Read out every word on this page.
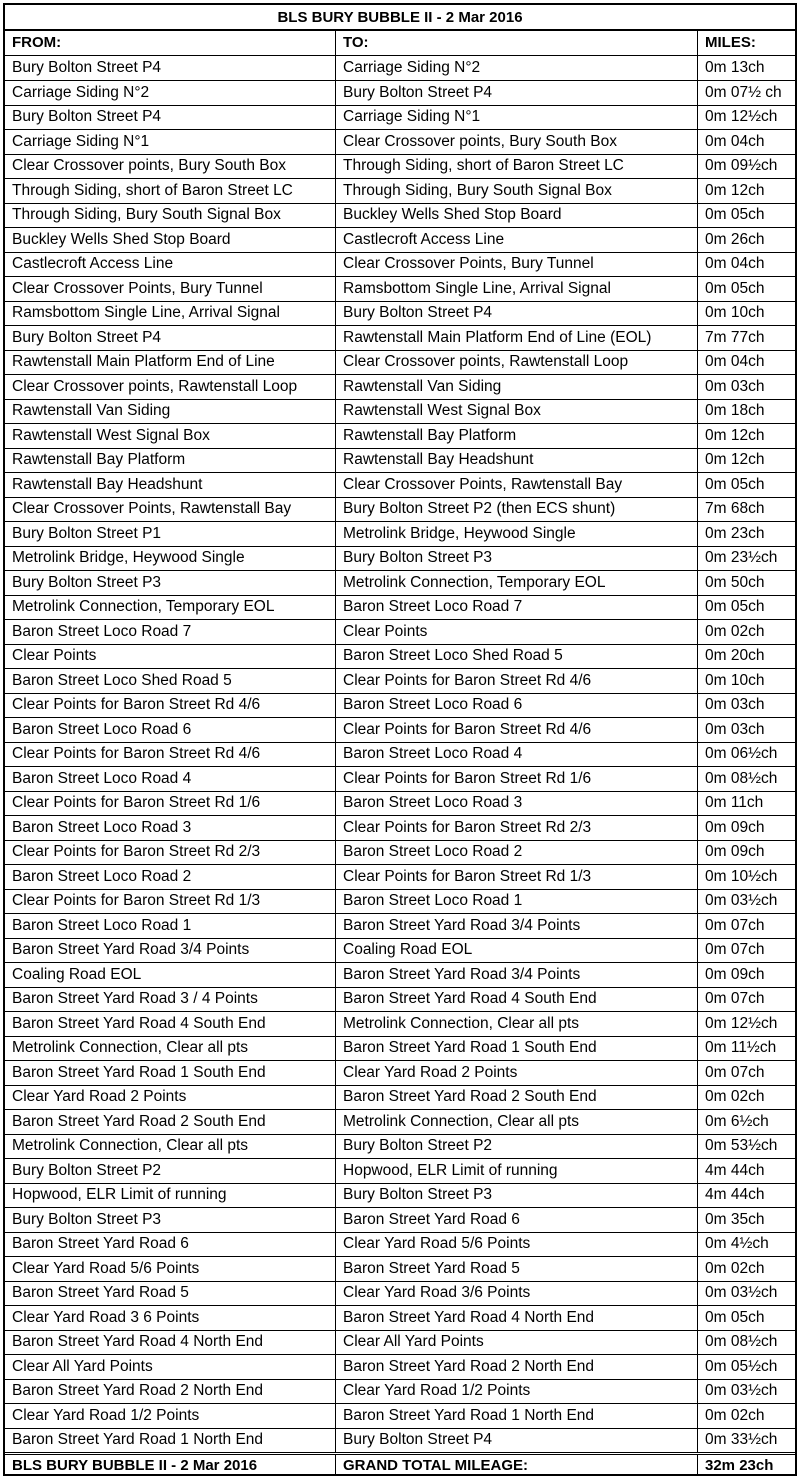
BLS BURY BUBBLE II - 2 Mar 2016
FROM:	TO:	MILES:
Bury Bolton Street P4	Carriage Siding N°2	0m 13ch
Carriage Siding N°2	Bury Bolton Street P4	0m 07½ ch
Bury Bolton Street P4	Carriage Siding N°1	0m 12½ch
Carriage Siding N°1	Clear Crossover points, Bury South Box	0m 04ch
Clear Crossover points, Bury South Box	Through Siding, short of Baron Street LC	0m 09½ch
Through Siding, short of Baron Street LC	Through Siding, Bury South Signal Box	0m 12ch
Through Siding, Bury South Signal Box	Buckley Wells Shed Stop Board	0m 05ch
Buckley Wells Shed Stop Board	Castlecroft Access Line	0m 26ch
Castlecroft Access Line	Clear Crossover Points, Bury Tunnel	0m 04ch
Clear Crossover Points, Bury Tunnel	Ramsbottom Single Line, Arrival Signal	0m 05ch
Ramsbottom Single Line, Arrival Signal	Bury Bolton Street P4	0m 10ch
Bury Bolton Street P4	Rawtenstall Main Platform End of Line (EOL)	7m 77ch
Rawtenstall Main Platform End of Line	Clear Crossover points, Rawtenstall Loop	0m 04ch
Clear Crossover points, Rawtenstall Loop	Rawtenstall Van Siding	0m 03ch
Rawtenstall Van Siding	Rawtenstall West Signal Box	0m 18ch
Rawtenstall West Signal Box	Rawtenstall Bay Platform	0m 12ch
Rawtenstall Bay Platform	Rawtenstall Bay Headshunt	0m 12ch
Rawtenstall Bay Headshunt	Clear Crossover Points, Rawtenstall Bay	0m 05ch
Clear Crossover Points, Rawtenstall Bay	Bury Bolton Street P2 (then ECS shunt)	7m 68ch
Bury Bolton Street P1	Metrolink Bridge, Heywood Single	0m 23ch
Metrolink Bridge, Heywood Single	Bury Bolton Street P3	0m 23½ch
Bury Bolton Street P3	Metrolink Connection, Temporary EOL	0m 50ch
Metrolink Connection, Temporary EOL	Baron Street Loco Road 7	0m 05ch
Baron Street Loco Road 7	Clear Points	0m 02ch
Clear Points	Baron Street Loco Shed Road 5	0m 20ch
Baron Street Loco Shed Road 5	Clear Points for Baron Street Rd 4/6	0m 10ch
Clear Points for Baron Street Rd 4/6	Baron Street Loco Road 6	0m 03ch
Baron Street Loco Road 6	Clear Points for Baron Street Rd 4/6	0m 03ch
Clear Points for Baron Street Rd 4/6	Baron Street Loco Road 4	0m 06½ch
Baron Street Loco Road 4	Clear Points for Baron Street Rd 1/6	0m 08½ch
Clear Points for Baron Street Rd 1/6	Baron Street Loco Road 3	0m 11ch
Baron Street Loco Road 3	Clear Points for Baron Street Rd 2/3	0m 09ch
Clear Points for Baron Street Rd 2/3	Baron Street Loco Road 2	0m 09ch
Baron Street Loco Road 2	Clear Points for Baron Street Rd 1/3	0m 10½ch
Clear Points for Baron Street Rd 1/3	Baron Street Loco Road 1	0m 03½ch
Baron Street Loco Road 1	Baron Street Yard Road 3/4 Points	0m 07ch
Baron Street Yard Road 3/4 Points	Coaling Road EOL	0m 07ch
Coaling Road EOL	Baron Street Yard Road 3/4 Points	0m 09ch
Baron Street Yard Road 3 / 4 Points	Baron Street Yard Road 4 South End	0m 07ch
Baron Street Yard Road 4 South End	Metrolink Connection, Clear all pts	0m 12½ch
Metrolink Connection, Clear all pts	Baron Street Yard Road 1 South End	0m 11½ch
Baron Street Yard Road 1 South End	Clear Yard Road 2 Points	0m 07ch
Clear Yard Road 2 Points	Baron Street Yard Road 2 South End	0m 02ch
Baron Street Yard Road 2 South End	Metrolink Connection, Clear all pts	0m 6½ch
Metrolink Connection, Clear all pts	Bury Bolton Street P2	0m 53½ch
Bury Bolton Street P2	Hopwood, ELR Limit of running	4m 44ch
Hopwood, ELR Limit of running	Bury Bolton Street P3	4m 44ch
Bury Bolton Street P3	Baron Street Yard Road 6	0m 35ch
Baron Street Yard Road 6	Clear Yard Road 5/6 Points	0m 4½ch
Clear Yard Road 5/6 Points	Baron Street Yard Road 5	0m 02ch
Baron Street Yard Road 5	Clear Yard Road 3/6 Points	0m 03½ch
Clear Yard Road 3 6 Points	Baron Street Yard Road 4 North End	0m 05ch
Baron Street Yard Road 4 North End	Clear All Yard Points	0m 08½ch
Clear All Yard Points	Baron Street Yard Road 2 North End	0m 05½ch
Baron Street Yard Road 2 North End	Clear Yard Road 1/2 Points	0m 03½ch
Clear Yard Road 1/2 Points	Baron Street Yard Road 1 North End	0m 02ch
Baron Street Yard Road 1 North End	Bury Bolton Street P4	0m 33½ch
BLS BURY BUBBLE II - 2 Mar 2016	GRAND TOTAL MILEAGE:	32m 23ch
